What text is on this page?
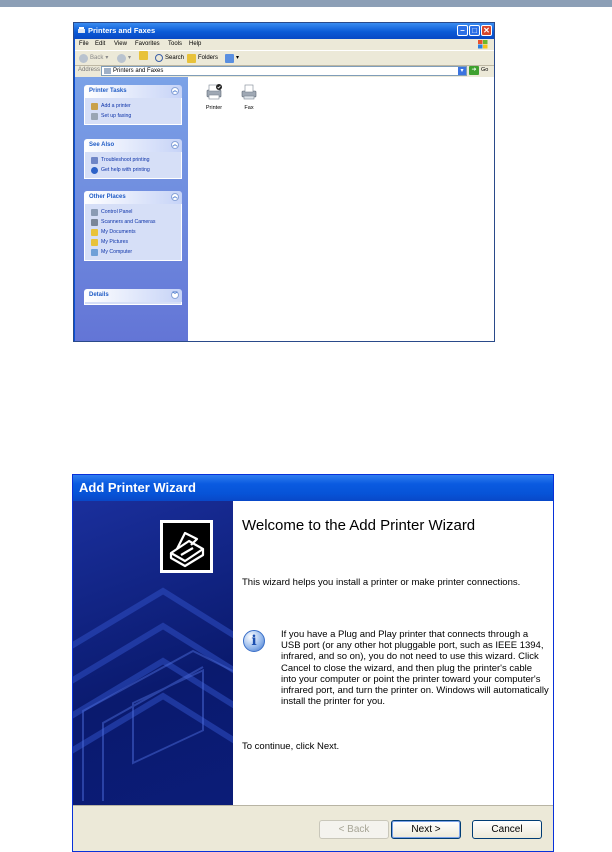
Printers and Faxes	– □ ✕
File Edit View Favorites Tools Help
Back ▾	▾	Search Folders	▾
Address Printers and Faxes	▾	➜ Go
Printer Tasks	︽
Add a printer
Set up faxing
See Also	︽
Troubleshoot printing
Get help with printing
Other Places	︽
Control Panel
Scanners and Cameras
My Documents
My Pictures
My Computer
Details	︾
Printer	Fax
Add Printer Wizard
Welcome to the Add Printer Wizard
This wizard helps you install a printer or make printer connections.
i	If you have a Plug and Play printer that connects through a USB port (or any other hot pluggable port, such as IEEE 1394, infrared, and so on), you do not need to use this wizard. Click Cancel to close the wizard, and then plug the printer's cable into your computer or point the printer toward your computer's infrared port, and turn the printer on. Windows will automatically install the printer for you.
To continue, click Next.
< Back	Next >	Cancel
